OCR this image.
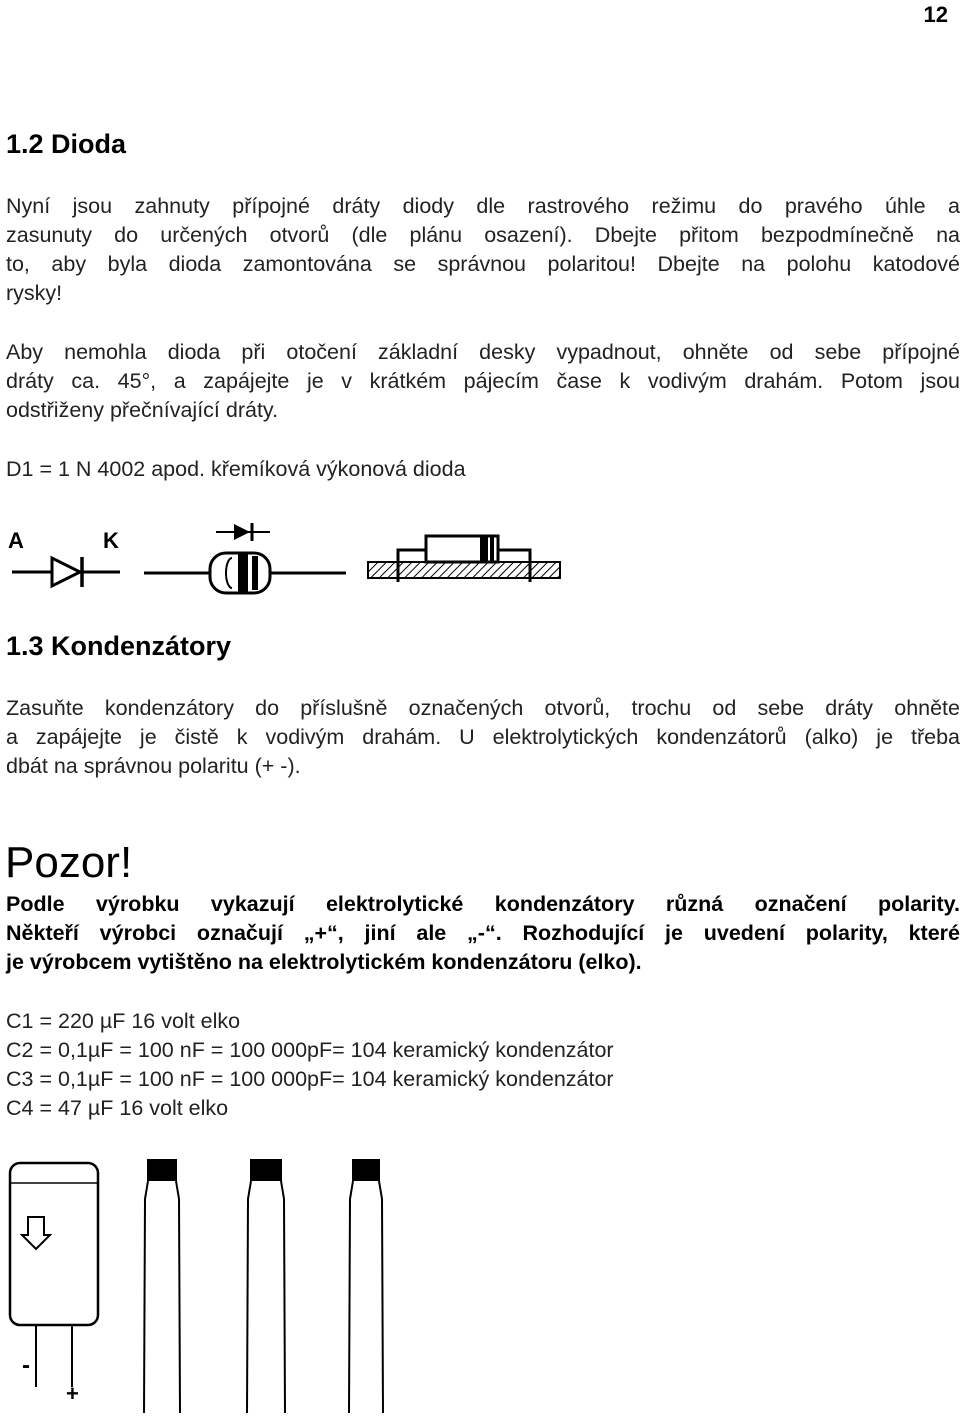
12
1.2 Dioda
Nyní jsou zahnuty přípojné dráty diody dle rastrového režimu do pravého úhle a
zasunuty do určených otvorů (dle plánu osazení). Dbejte přitom bezpodmínečně na
to, aby byla dioda zamontována se správnou polaritou! Dbejte na polohu katodové
rysky!
Aby nemohla dioda při otočení základní desky vypadnout, ohněte od sebe přípojné
dráty ca. 45°, a zapájejte je v krátkém pájecím čase k vodivým drahám. Potom jsou
odstřiženy přečnívající dráty.
D1 = 1 N 4002 apod. křemíková výkonová dioda
A	K
1.3 Kondenzátory
Zasuňte kondenzátory do příslušně označených otvorů, trochu od sebe dráty ohněte
a zapájejte je čistě k vodivým drahám. U elektrolytických kondenzátorů (alko) je třeba
dbát na správnou polaritu (+ -).
Pozor!
Podle výrobku vykazují elektrolytické kondenzátory různá označení polarity.
Někteří výrobci označují „+“, jiní ale „-“. Rozhodující je uvedení polarity, které
je výrobcem vytištěno na elektrolytickém kondenzátoru (elko).
C1 = 220 µF 16 volt elko
C2 = 0,1µF = 100 nF = 100 000pF= 104 keramický kondenzátor
C3 = 0,1µF = 100 nF = 100 000pF= 104 keramický kondenzátor
C4 = 47 µF 16 volt elko
-
+
